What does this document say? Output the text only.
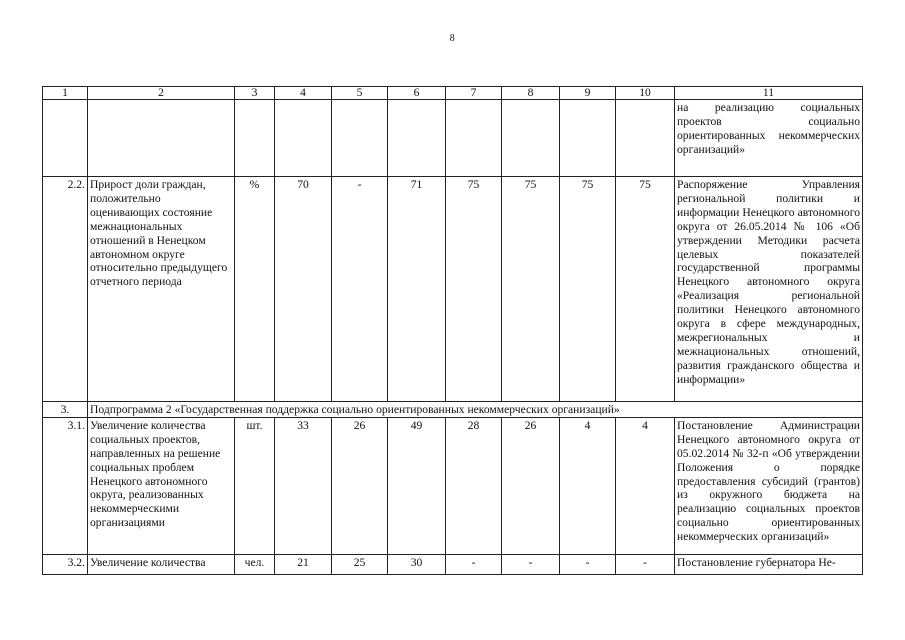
8
1	2	3	4	5	6	7	8	9	10	11
										на реализацию социальных проектов социально ориентированных некоммерческих организаций»
2.2.	Прирост доли граждан, положительно оценивающих состояние межнациональных отношений в Ненецком автономном округе относительно предыдущего отчетного периода	%	70	-	71	75	75	75	75	Распоряжение Управления региональной политики и информации Ненецкого автономного округа от 26.05.2014 № 106 «Об утверждении Методики расчета целевых показателей государственной программы Ненецкого автономного округа «Реализация региональной политики Ненецкого автономного округа в сфере международных, межрегиональных и межнациональных отношений, развития гражданского общества и информации»
3.	Подпрограмма 2 «Государственная поддержка социально ориентированных некоммерческих организаций»									
3.1.	Увеличение количества социальных проектов, направленных на решение социальных проблем Ненецкого автономного округа, реализованных некоммерческими организациями	шт.	33	26	49	28	26	4	4	Постановление Администрации Ненецкого автономного округа от 05.02.2014 № 32-п «Об утверждении Положения о порядке предоставления субсидий (грантов) из окружного бюджета на реализацию социальных проектов социально ориентированных некоммерческих организаций»
3.2.	Увеличение количества	чел.	21	25	30	-	-	-	-	Постановление губернатора Не-
